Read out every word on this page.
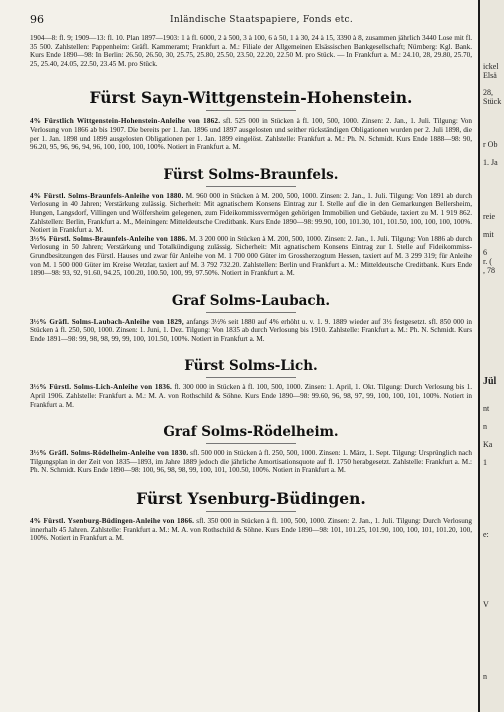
96	Inländische Staatspapiere, Fonds etc.

1904—8: fl. 9; 1909—13: fl. 10. Plan 1897—1903: 1 à fl. 6000, 2 à 500, 3 à 100, 6 à 50, 1 à 30, 24 à 15, 3390 à 8, zusammen jährlich 3440 Lose mit fl. 35 500. Zahlstellen: Pappenheim: Gräfl. Kammeramt; Frankfurt a. M.: Filiale der Allgemeinen Elsässischen Bankgesellschaft; Nürnberg: Kgl. Bank. Kurs Ende 1890—98: In Berlin: 26.50, 26.50, 30, 25.75, 25.80, 25.50, 23.50, 22.20, 22.50 M. pro Stück. — In Frankfurt a. M.: 24.10, 28, 29.80, 25.70, 25, 25.40, 24.05, 22.50, 23.45 M. pro Stück.

Fürst Sayn-Wittgenstein-Hohenstein.

4% Fürstlich Wittgenstein-Hohenstein-Anleihe von 1862. sfl. 525 000 in Stücken à fl. 100, 500, 1000. Zinsen: 2. Jan., 1. Juli. Tilgung: Von Verlosung von 1866 ab bis 1907. Die bereits per 1. Jan. 1896 und 1897 ausgelosten und seither rückständigen Obligationen wurden per 2. Juli 1898, die per 1. Jan. 1898 und 1899 ausgelosten Obligationen per 1. Jan. 1899 eingelöst. Zahlstelle: Frankfurt a. M.: Ph. N. Schmidt. Kurs Ende 1888—98: 90, 96.20, 95, 96, 96, 94, 96, 100, 100, 100, 100%. Notiert in Frankfurt a. M.

Fürst Solms-Braunfels.

4% Fürstl. Solms-Braunfels-Anleihe von 1880. M. 960 000 in Stücken à M. 200, 500, 1000. Zinsen: 2. Jan., 1. Juli. Tilgung: Von 1891 ab durch Verlosung in 40 Jahren; Verstärkung zulässig. Sicherheit: Mit agnatischem Konsens Eintrag zur I. Stelle auf die in den Gemarkungen Bellersheim, Hungen, Langsdorf, Villingen und Wölfersheim gelegenen, zum Fideikommissvermögen gehörigen Immobilien und Gebäude, taxiert zu M. 1 919 862. Zahlstellen: Berlin, Frankfurt a. M., Meiningen: Mitteldeutsche Creditbank. Kurs Ende 1890—98: 99.90, 100, 101.30, 101, 101.50, 100, 100, 100, 100%. Notiert in Frankfurt a. M.

3½% Fürstl. Solms-Braunfels-Anleihe von 1886. M. 3 200 000 in Stücken à M. 200, 500, 1000. Zinsen: 2. Jan., 1. Juli. Tilgung: Von 1886 ab durch Verlosung in 50 Jahren; Verstärkung und Totalkündigung zulässig. Sicherheit: Mit agnatischem Konsens Eintrag zur I. Stelle auf Fideikommiss-Grundbesitzungen des Fürstl. Hauses und zwar für Anleihe von M. 1 700 000 Güter im Grossherzogtum Hessen, taxiert auf M. 3 299 319; für Anleihe von M. 1 500 000 Güter im Kreise Wetzlar, taxiert auf M. 3 792 732.20. Zahlstellen: Berlin und Frankfurt a. M.: Mitteldeutsche Creditbank. Kurs Ende 1890—98: 93, 92, 91.60, 94.25, 100.20, 100.50, 100, 99, 97.50%. Notiert in Frankfurt a. M.

Graf Solms-Laubach.

3½% Gräfl. Solms-Laubach-Anleihe von 1829, anfangs 3½% seit 1880 auf 4% erhöht u. v. 1. 9. 1889 wieder auf 3½ festgesetzt. sfl. 850 000 in Stücken à fl. 250, 500, 1000. Zinsen: 1. Juni, 1. Dez. Tilgung: Von 1835 ab durch Verlosung bis 1910. Zahlstelle: Frankfurt a. M.: Ph. N. Schmidt. Kurs Ende 1891—98: 99, 98, 98, 99, 99, 100, 101.50, 100%. Notiert in Frankfurt a. M.

Fürst Solms-Lich.

3½% Fürstl. Solms-Lich-Anleihe von 1836. fl. 300 000 in Stücken à fl. 100, 500, 1000. Zinsen: 1. April, 1. Okt. Tilgung: Durch Verlosung bis 1. April 1906. Zahlstelle: Frankfurt a. M.: M. A. von Rothschild & Söhne. Kurs Ende 1890—98: 99.60, 96, 98, 97, 99, 100, 100, 101, 100%. Notiert in Frankfurt a. M.

Graf Solms-Rödelheim.

3½% Gräfl. Solms-Rödelheim-Anleihe von 1830. sfl. 500 000 in Stücken à fl. 250, 500, 1000. Zinsen: 1. März, 1. Sept. Tilgung: Ursprünglich nach Tilgungsplan in der Zeit von 1835—1893, im Jahre 1889 jedoch die jährliche Amortisationsquote auf fl. 1750 herabgesetzt. Zahlstelle: Frankfurt a. M.: Ph. N. Schmidt. Kurs Ende 1890—98: 100, 96, 98, 98, 99, 100, 101, 100.50, 100%. Notiert in Frankfurt a. M.

Fürst Ysenburg-Büdingen.

4% Fürstl. Ysenburg-Büdingen-Anleihe von 1866. sfl. 350 000 in Stücken à fl. 100, 500, 1000. Zinsen: 2. Jan., 1. Juli. Tilgung: Durch Verlosung innerhalb 45 Jahren. Zahlstelle: Frankfurt a. M.: M. A. von Rothschild & Söhne. Kurs Ende 1890—98: 101, 101.25, 101.90, 100, 100, 101, 101.20, 100, 100%. Notiert in Frankfurt a. M.

ickel
Elsä
28,
Stück
r Ob
1. Ja
reie
mit
6
r. (
, 78
Jül
nt
n
Ka
1
e:
V
n
